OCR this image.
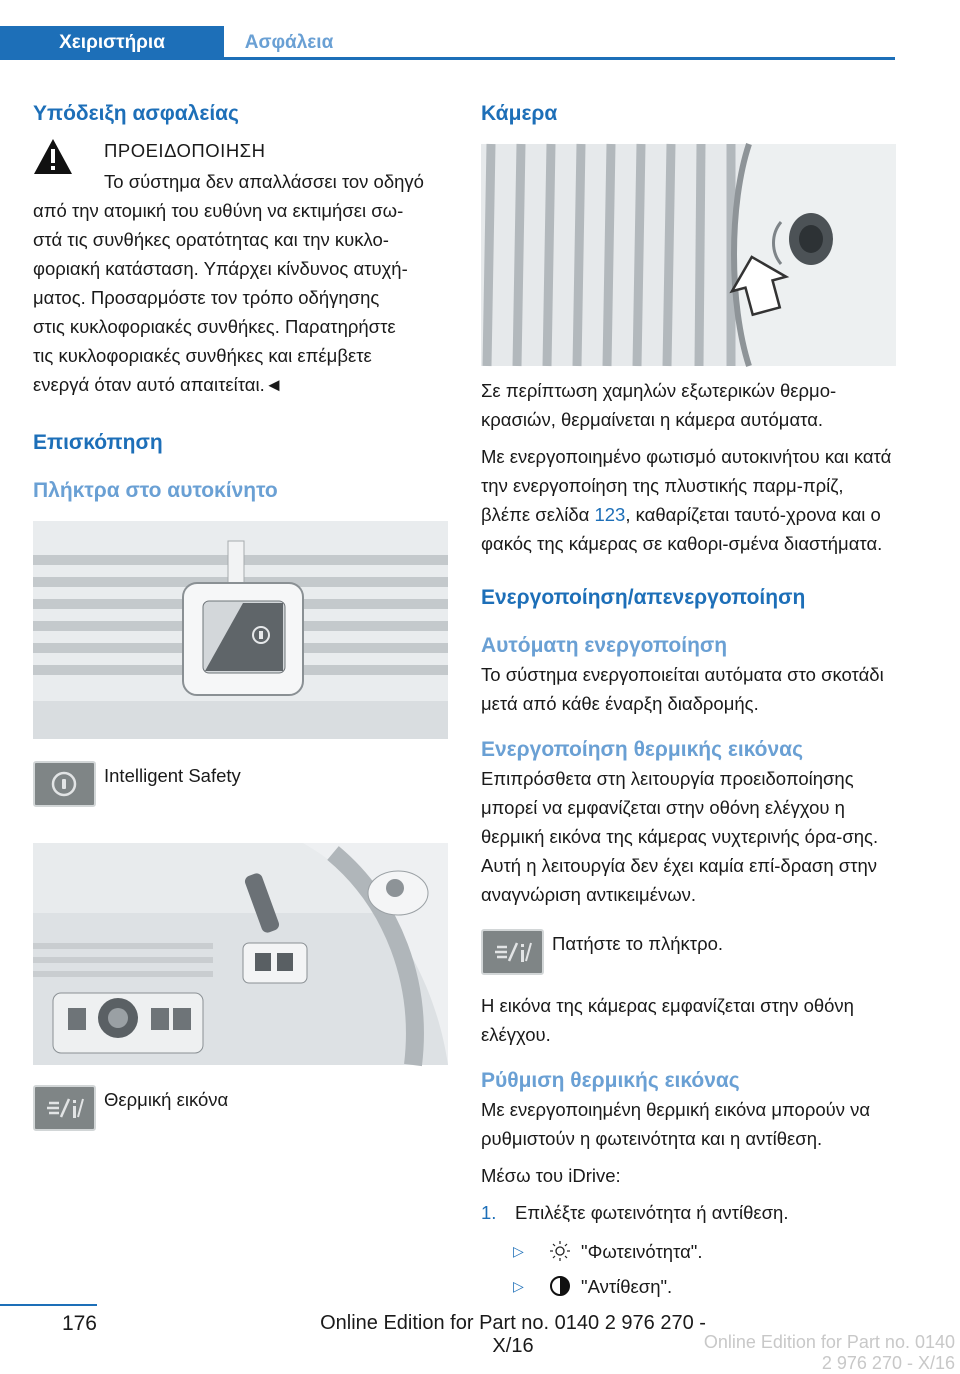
Χειριστήρια	Ασφάλεια
Υπόδειξη ασφαλείας
ΠΡΟΕΙΔΟΠΟΙΗΣΗ
Το σύστημα δεν απαλλάσσει τον οδηγό
από την ατομική του ευθύνη να εκτιμήσει σω-
στά τις συνθήκες ορατότητας και την κυκλο-
φοριακή κατάσταση. Υπάρχει κίνδυνος ατυχή-
ματος. Προσαρμόστε τον τρόπο οδήγησης
στις κυκλοφοριακές συνθήκες. Παρατηρήστε
τις κυκλοφοριακές συνθήκες και επέμβετε
ενεργά όταν αυτό απαιτείται.◄
Επισκόπηση
Πλήκτρα στο αυτοκίνητο
Intelligent Safety
Θερμική εικόνα
Κάμερα

Σε περίπτωση χαμηλών εξωτερικών θερμο-κρασιών, θερμαίνεται η κάμερα αυτόματα.

Με ενεργοποιημένο φωτισμό αυτοκινήτου και κατά την ενεργοποίηση της πλυστικής παρμ-πρίζ, βλέπε σελίδα 123, καθαρίζεται ταυτό-χρονα και ο φακός της κάμερας σε καθορι-σμένα διαστήματα.

Ενεργοποίηση/απενεργοποίηση
Αυτόματη ενεργοποίηση

Το σύστημα ενεργοποιείται αυτόματα στο σκοτάδι μετά από κάθε έναρξη διαδρομής.

Ενεργοποίηση θερμικής εικόνας

Επιπρόσθετα στη λειτουργία προειδοποίησης μπορεί να εμφανίζεται στην οθόνη ελέγχου η θερμική εικόνα της κάμερας νυχτερινής όρα-σης. Αυτή η λειτουργία δεν έχει καμία επί-δραση στην αναγνώριση αντικειμένων.

Πατήστε το πλήκτρο.

Η εικόνα της κάμερας εμφανίζεται στην οθόνη ελέγχου.

Ρύθμιση θερμικής εικόνας

Με ενεργοποιημένη θερμική εικόνα μπορούν να ρυθμιστούν η φωτεινότητα και η αντίθεση.

Μέσω του iDrive:

1. Επιλέξτε φωτεινότητα ή αντίθεση.
▷	"Φωτεινότητα".
▷	"Αντίθεση".
176	Online Edition for Part no. 0140 2 976 270 - X/16	Online Edition for Part no. 0140 2 976 270 - X/16
